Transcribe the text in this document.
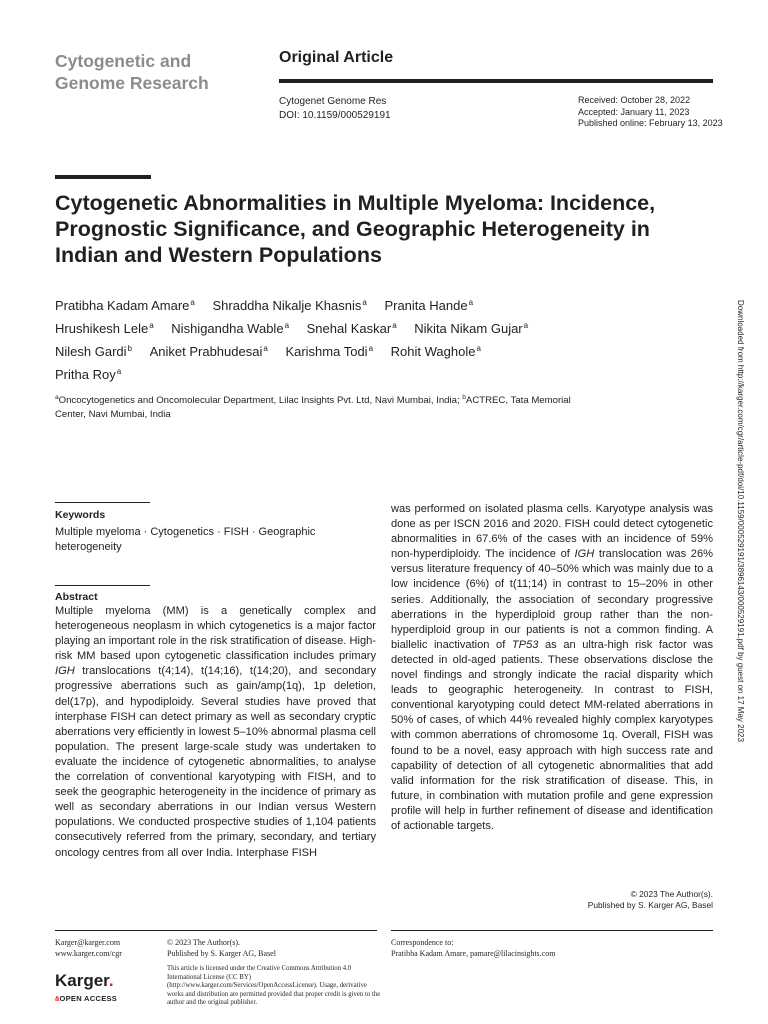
Cytogenetic and Genome Research
Original Article
Cytogenet Genome Res
DOI: 10.1159/000529191
Received: October 28, 2022
Accepted: January 11, 2023
Published online: February 13, 2023
Cytogenetic Abnormalities in Multiple Myeloma: Incidence, Prognostic Significance, and Geographic Heterogeneity in Indian and Western Populations
Pratibha Kadam Amare$^a$ Shraddha Nikalje Khasnis$^a$ Pranita Hande$^a$
Hrushikesh Lele$^a$ Nishigandha Wable$^a$ Snehal Kaskar$^a$ Nikita Nikam Gujar$^a$
Nilesh Gardi$^b$ Aniket Prabhudesai$^a$ Karishma Todi$^a$ Rohit Waghole$^a$
Pritha Roy$^a$
$^a$Oncocytogenetics and Oncomolecular Department, Lilac Insights Pvt. Ltd, Navi Mumbai, India; $^b$ACTREC, Tata Memorial Center, Navi Mumbai, India
Keywords
Multiple myeloma · Cytogenetics · FISH · Geographic heterogeneity
Abstract

Multiple myeloma (MM) is a genetically complex and heterogeneous neoplasm in which cytogenetics is a major factor playing an important role in the risk stratification of disease. High-risk MM based upon cytogenetic classification includes primary IGH translocations t(4;14), t(14;16), t(14;20), and secondary progressive aberrations such as gain/amp(1q), 1p deletion, del(17p), and hypodiploidy. Several studies have proved that interphase FISH can detect primary as well as secondary cryptic aberrations very efficiently in lowest 5–10% abnormal plasma cell population. The present large-scale study was undertaken to evaluate the incidence of cytogenetic abnormalities, to analyse the correlation of conventional karyotyping with FISH, and to seek the geographic heterogeneity in the incidence of primary as well as secondary aberrations in our Indian versus Western populations. We conducted prospective studies of 1,104 patients consecutively referred from the primary, secondary, and tertiary oncology centres from all over India. Interphase FISH

was performed on isolated plasma cells. Karyotype analysis was done as per ISCN 2016 and 2020. FISH could detect cytogenetic abnormalities in 67.6% of the cases with an incidence of 59% non-hyperdiploidy. The incidence of IGH translocation was 26% versus literature frequency of 40–50% which was mainly due to a low incidence (6%) of t(11;14) in contrast to 15–20% in other series. Additionally, the association of secondary progressive aberrations in the hyperdiploid group rather than the non-hyperdiploid group in our patients is not a common finding. A biallelic inactivation of TP53 as an ultra-high risk factor was detected in old-aged patients. These observations disclose the novel findings and strongly indicate the racial disparity which leads to geographic heterogeneity. In contrast to FISH, conventional karyotyping could detect MM-related aberrations in 50% of cases, of which 44% revealed highly complex karyotypes with common aberrations of chromosome 1q. Overall, FISH was found to be a novel, easy approach with high success rate and capability of detection of all cytogenetic abnormalities that add valid information for the risk stratification of disease. This, in future, in combination with mutation profile and gene expression profile will help in further refinement of disease and identification of actionable targets.

© 2023 The Author(s).
Published by S. Karger AG, Basel
Downloaded from http://karger.com/cgr/article-pdf/doi/10.1159/000529191/3896143/000529191.pdf by guest on 17 May 2023
Karger@karger.com
www.karger.com/cgr
© 2023 The Author(s).
Published by S. Karger AG, Basel
This article is licensed under the Creative Commons Attribution 4.0 International License (CC BY) (http://www.karger.com/Services/OpenAccessLicense). Usage, derivative works and distribution are permitted provided that proper credit is given to the author and the original publisher.
Correspondence to:
Pratibha Kadam Amare, pamare@lilacinsights.com
Karger.
āOPEN ACCESS
